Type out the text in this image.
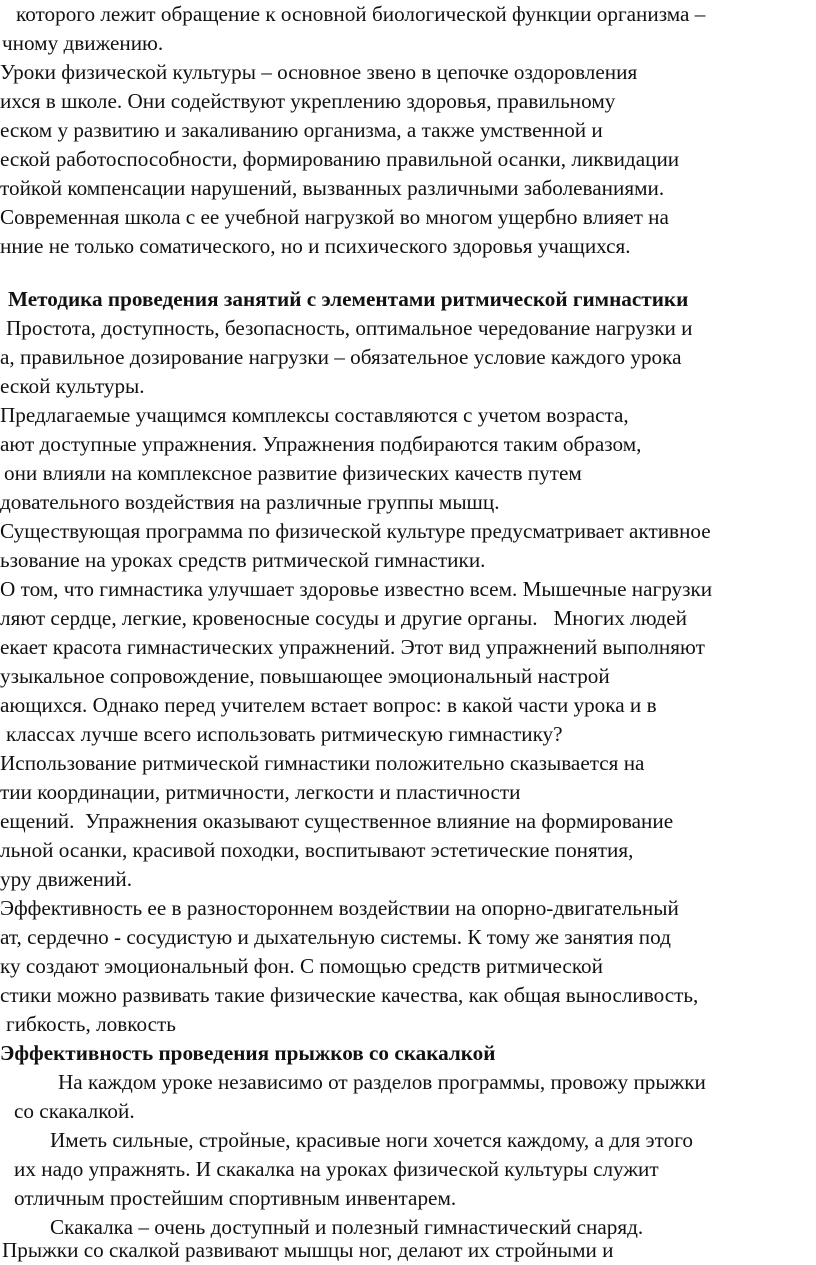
которого лежит обращение к основной биологической функции организма –
чному движению.
Уроки физической культуры – основное звено в цепочке оздоровления
ихся в школе. Они содействуют укреплению здоровья, правильному
еском у развитию и закаливанию организма, а также умственной и
еской работоспособности, формированию правильной осанки, ликвидации
тойкой компенсации нарушений, вызванных различными заболеваниями.
Современная школа с ее учебной нагрузкой во многом ущербно влияет на
нние не только соматического, но и психического здоровья учащихся.
Методика проведения занятий с элементами ритмической гимнастики
Простота, доступность, безопасность, оптимальное чередование нагрузки и
а, правильное дозирование нагрузки – обязательное условие каждого урока
еской культуры.
Предлагаемые учащимся комплексы составляются с учетом возраста,
ают доступные упражнения. Упражнения подбираются таким образом,
они влияли на комплексное развитие физических качеств путем
довательного воздействия на различные группы мышц.
Существующая программа по физической культуре предусматривает активное
ьзование на уроках средств ритмической гимнастики.
О том, что гимнастика улучшает здоровье известно всем. Мышечные нагрузки
ляют сердце, легкие, кровеносные сосуды и другие органы.   Многих людей
екает красота гимнастических упражнений. Этот вид упражнений выполняют
узыкальное сопровождение, повышающее эмоциональный настрой
ающихся. Однако перед учителем встает вопрос: в какой части урока и в
классах лучше всего использовать ритмическую гимнастику?
Использование ритмической гимнастики положительно сказывается на
тии координации, ритмичности, легкости и пластичности
ещений.  Упражнения оказывают существенное влияние на формирование
льной осанки, красивой походки, воспитывают эстетические понятия,
уру движений.
Эффективность ее в разностороннем воздействии на опорно-двигательный
ат, сердечно - сосудистую и дыхательную системы. К тому же занятия под
ку создают эмоциональный фон. С помощью средств ритмической
стики можно развивать такие физические качества, как общая выносливость,
гибкость, ловкость
Эффективность проведения прыжков со скакалкой
На каждом уроке независимо от разделов программы, провожу прыжки
со скакалкой.
Иметь сильные, стройные, красивые ноги хочется каждому, а для этого
их надо упражнять. И скакалка на уроках физической культуры служит
отличным простейшим спортивным инвентарем.
Скакалка – очень доступный и полезный гимнастический снаряд.
Прыжки со скалкой развивают мышцы ног, делают их стройными и
